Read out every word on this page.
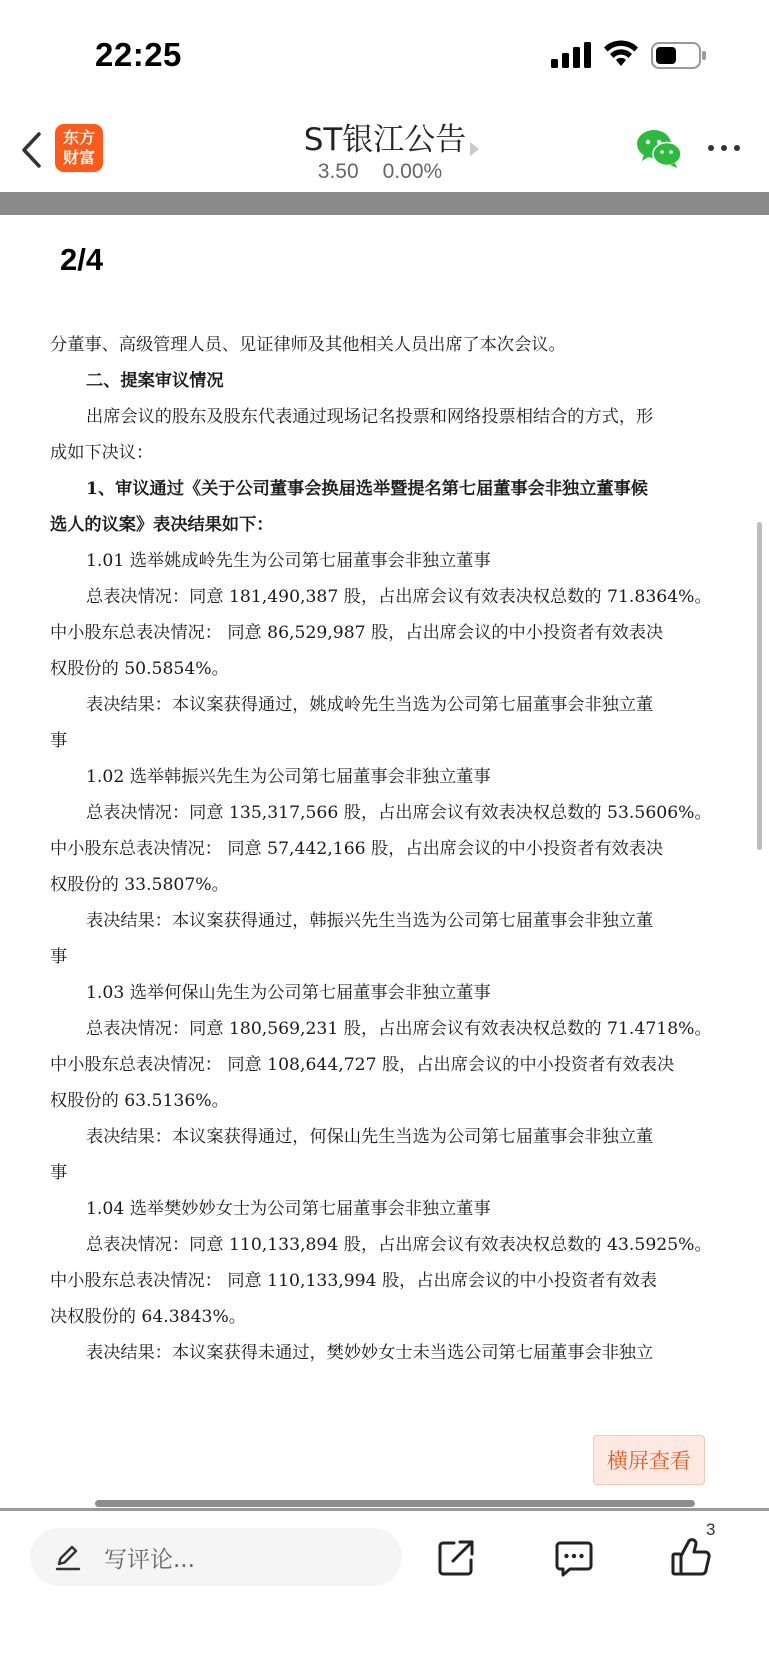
22:25
东方
财富	ST银江公告
3.50 0.00%
2/4
分董事、高级管理人员、见证律师及其他相关人员出席了本次会议。
二、提案审议情况
出席会议的股东及股东代表通过现场记名投票和网络投票相结合的方式，形
成如下决议：
1、审议通过《关于公司董事会换届选举暨提名第七届董事会非独立董事候
选人的议案》表决结果如下：
1.01 选举姚成岭先生为公司第七届董事会非独立董事
总表决情况：同意 181,490,387 股，占出席会议有效表决权总数的 71.8364%。
中小股东总表决情况： 同意 86,529,987 股，占出席会议的中小投资者有效表决
权股份的 50.5854%。
表决结果：本议案获得通过，姚成岭先生当选为公司第七届董事会非独立董
事
1.02 选举韩振兴先生为公司第七届董事会非独立董事
总表决情况：同意 135,317,566 股，占出席会议有效表决权总数的 53.5606%。
中小股东总表决情况： 同意 57,442,166 股，占出席会议的中小投资者有效表决
权股份的 33.5807%。
表决结果：本议案获得通过，韩振兴先生当选为公司第七届董事会非独立董
事
1.03 选举何保山先生为公司第七届董事会非独立董事
总表决情况：同意 180,569,231 股，占出席会议有效表决权总数的 71.4718%。
中小股东总表决情况： 同意 108,644,727 股，占出席会议的中小投资者有效表决
权股份的 63.5136%。
表决结果：本议案获得通过，何保山先生当选为公司第七届董事会非独立董
事
1.04 选举樊妙妙女士为公司第七届董事会非独立董事
总表决情况：同意 110,133,894 股，占出席会议有效表决权总数的 43.5925%。
中小股东总表决情况： 同意 110,133,994 股，占出席会议的中小投资者有效表
决权股份的 64.3843%。
表决结果：本议案获得未通过，樊妙妙女士未当选公司第七届董事会非独立
横屏查看
写评论...
3
